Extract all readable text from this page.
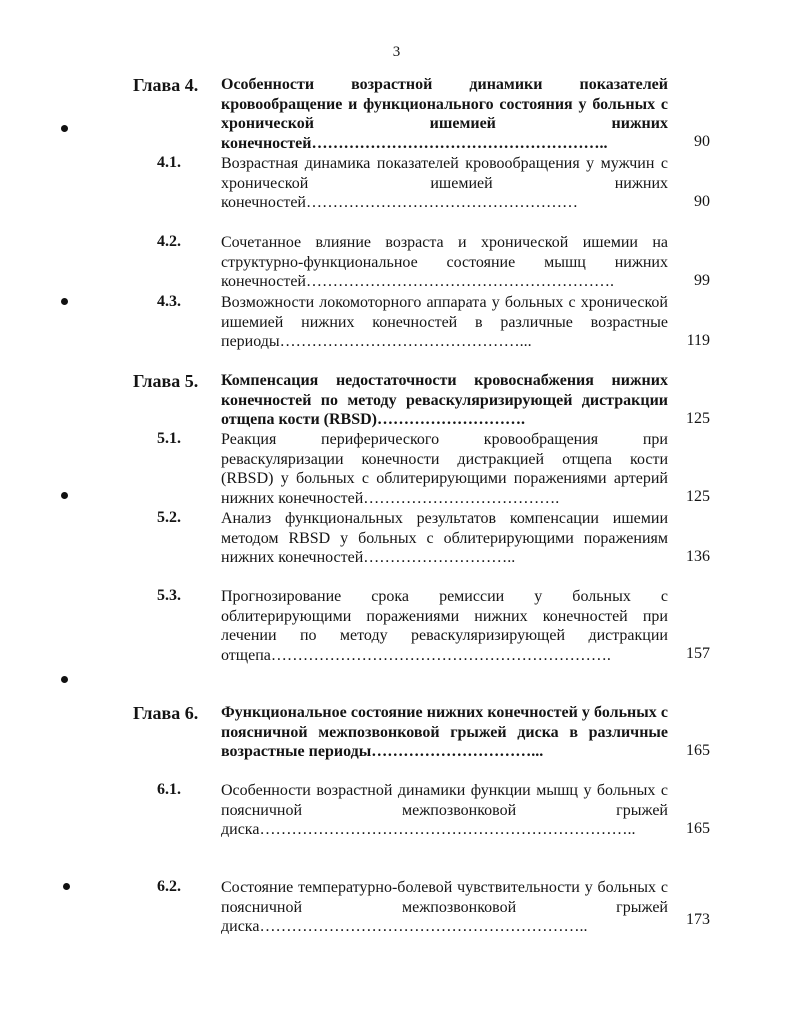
3
Глава 4. Особенности возрастной динамики показателей кровообращение и функционального состояния у больных с хронической ишемией нижних конечностей………………………………………………..	90
4.1.	Возрастная динамика показателей кровообращения у мужчин с хронической ишемией нижних конечностей……………………………………………	90
4.2.	Сочетанное влияние возраста и хронической ишемии на структурно-функциональное состояние мышц нижних конечностей………………………………………………….	99
4.3.	Возможности локомоторного аппарата у больных с хронической ишемией нижних конечностей в различные возрастные периоды………………………………………...	119
Глава 5. Компенсация недостаточности кровоснабжения нижних конечностей по методу реваскуляризирующей дистракции отщепа кости (RBSD)……………………….	125
5.1.	Реакция периферического кровообращения при реваскуляризации конечности дистракцией отщепа кости (RBSD) у больных с облитерирующими поражениями артерий нижних конечностей……………………………….	125
5.2.	Анализ функциональных результатов компенсации ишемии методом RBSD у больных с облитерирующими поражениям нижних конечностей………………………..	136
5.3.	Прогнозирование срока ремиссии у больных с облитерирующими поражениями нижних конечностей при лечении по методу реваскуляризирующей дистракции отщепа……………………………………………………….	157
Глава 6. Функциональное состояние нижних конечностей у больных с поясничной межпозвонковой грыжей диска в различные возрастные периоды…………………………...	165
6.1.	Особенности возрастной динамики функции мышц у больных с поясничной межпозвонковой грыжей диска……………………………………………………………..	165
6.2.	Состояние температурно-болевой чувствительности у больных с поясничной межпозвонковой грыжей диска……………………………………………………..	173
